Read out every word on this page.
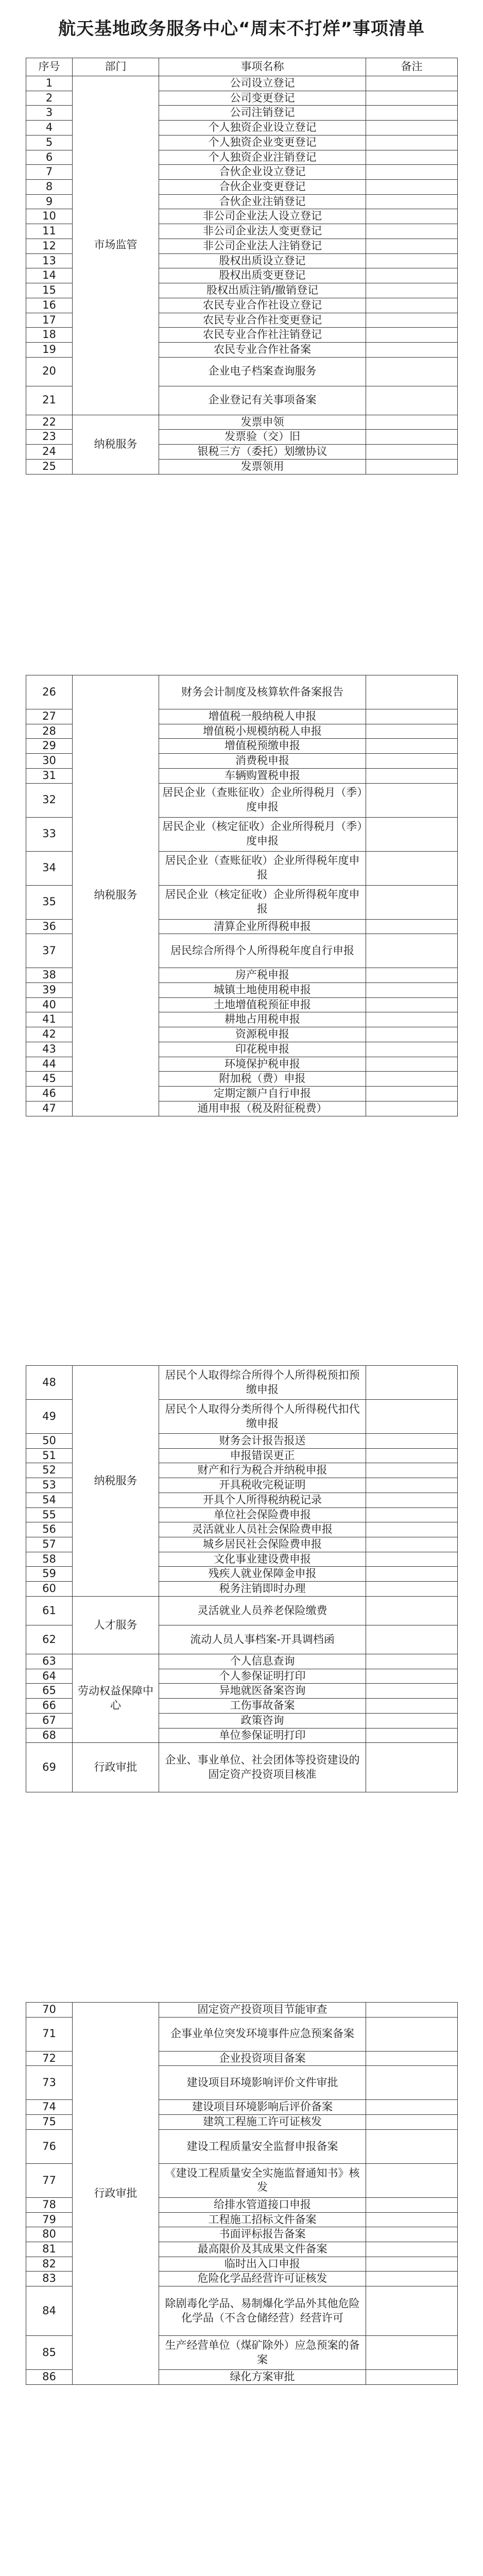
航天基地政务服务中心“周末不打烊”事项清单
序号	部门	事项名称	备注
1	市场监管	公司设立登记	
2		公司变更登记	
3		公司注销登记	
4		个人独资企业设立登记	
5		个人独资企业变更登记	
6		个人独资企业注销登记	
7		合伙企业设立登记	
8		合伙企业变更登记	
9		合伙企业注销登记	
10		非公司企业法人设立登记	
11		非公司企业法人变更登记	
12		非公司企业法人注销登记	
13		股权出质设立登记	
14		股权出质变更登记	
15		股权出质注销/撤销登记	
16		农民专业合作社设立登记	
17		农民专业合作社变更登记	
18		农民专业合作社注销登记	
19		农民专业合作社备案	
20		企业电子档案查询服务	
21		企业登记有关事项备案	
22	纳税服务	发票申领	
23		发票验（交）旧	
24		银税三方（委托）划缴协议	
25		发票领用	
26	纳税服务	财务会计制度及核算软件备案报告	
27		增值税一般纳税人申报	
28		增值税小规模纳税人申报	
29		增值税预缴申报	
30		消费税申报	
31		车辆购置税申报	
32		居民企业（查账征收）企业所得税月（季）度申报	
33		居民企业（核定征收）企业所得税月（季）度申报	
34		居民企业（查账征收）企业所得税年度申报	
35		居民企业（核定征收）企业所得税年度申报	
36		清算企业所得税申报	
37		居民综合所得个人所得税年度自行申报	
38		房产税申报	
39		城镇土地使用税申报	
40		土地增值税预征申报	
41		耕地占用税申报	
42		资源税申报	
43		印花税申报	
44		环境保护税申报	
45		附加税（费）申报	
46		定期定额户自行申报	
47		通用申报（税及附征税费）	
48	纳税服务	居民个人取得综合所得个人所得税预扣预缴申报	
49		居民个人取得分类所得个人所得税代扣代缴申报	
50		财务会计报告报送	
51		申报错误更正	
52		财产和行为税合并纳税申报	
53		开具税收完税证明	
54		开具个人所得税纳税记录	
55		单位社会保险费申报	
56		灵活就业人员社会保险费申报	
57		城乡居民社会保险费申报	
58		文化事业建设费申报	
59		残疾人就业保障金申报	
60		税务注销即时办理	
61	人才服务	灵活就业人员养老保险缴费	
62		流动人员人事档案-开具调档函	
63	劳动权益保障中心	个人信息查询	
64		个人参保证明打印	
65		异地就医备案咨询	
66		工伤事故备案	
67		政策咨询	
68		单位参保证明打印	
69	行政审批	企业、事业单位、社会团体等投资建设的固定资产投资项目核准	
70	行政审批	固定资产投资项目节能审查	
71		企事业单位突发环境事件应急预案备案	
72		企业投资项目备案	
73		建设项目环境影响评价文件审批	
74		建设项目环境影响后评价备案	
75		建筑工程施工许可证核发	
76		建设工程质量安全监督申报备案	
77		《建设工程质量安全实施监督通知书》核发	
78		给排水管道接口申报	
79		工程施工招标文件备案	
80		书面评标报告备案	
81		最高限价及其成果文件备案	
82		临时出入口申报	
83		危险化学品经营许可证核发	
84		除剧毒化学品、易制爆化学品外其他危险化学品（不含仓储经营）经营许可	
85		生产经营单位（煤矿除外）应急预案的备案	
86		绿化方案审批	
